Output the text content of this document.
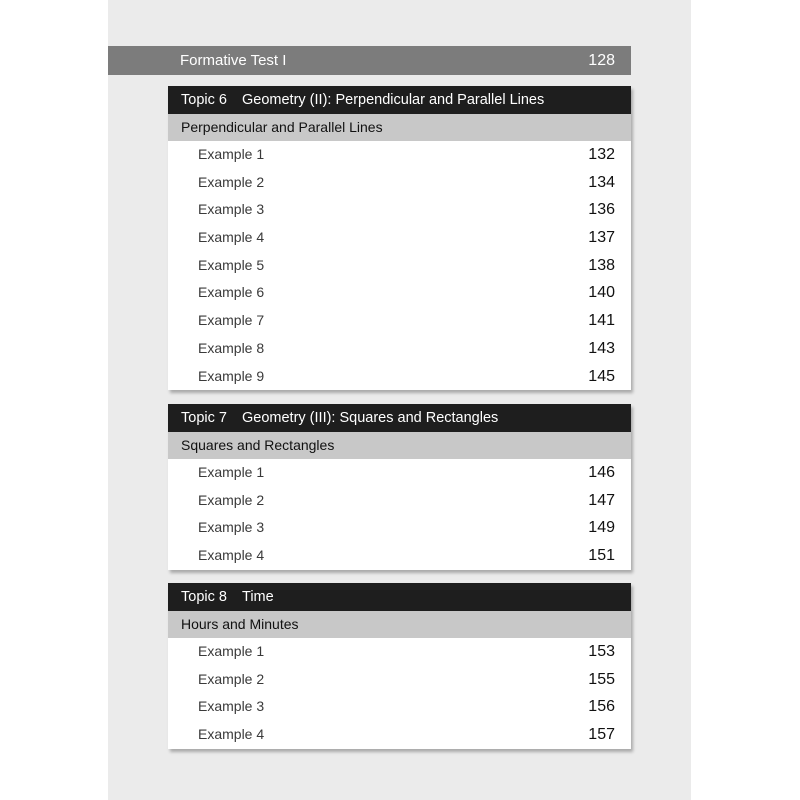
Formative Test I	128
Topic 6 Geometry (II): Perpendicular and Parallel Lines
Perpendicular and Parallel Lines
Example 1	132
Example 2	134
Example 3	136
Example 4	137
Example 5	138
Example 6	140
Example 7	141
Example 8	143
Example 9	145
Topic 7 Geometry (III): Squares and Rectangles
Squares and Rectangles
Example 1	146
Example 2	147
Example 3	149
Example 4	151
Topic 8 Time
Hours and Minutes
Example 1	153
Example 2	155
Example 3	156
Example 4	157
